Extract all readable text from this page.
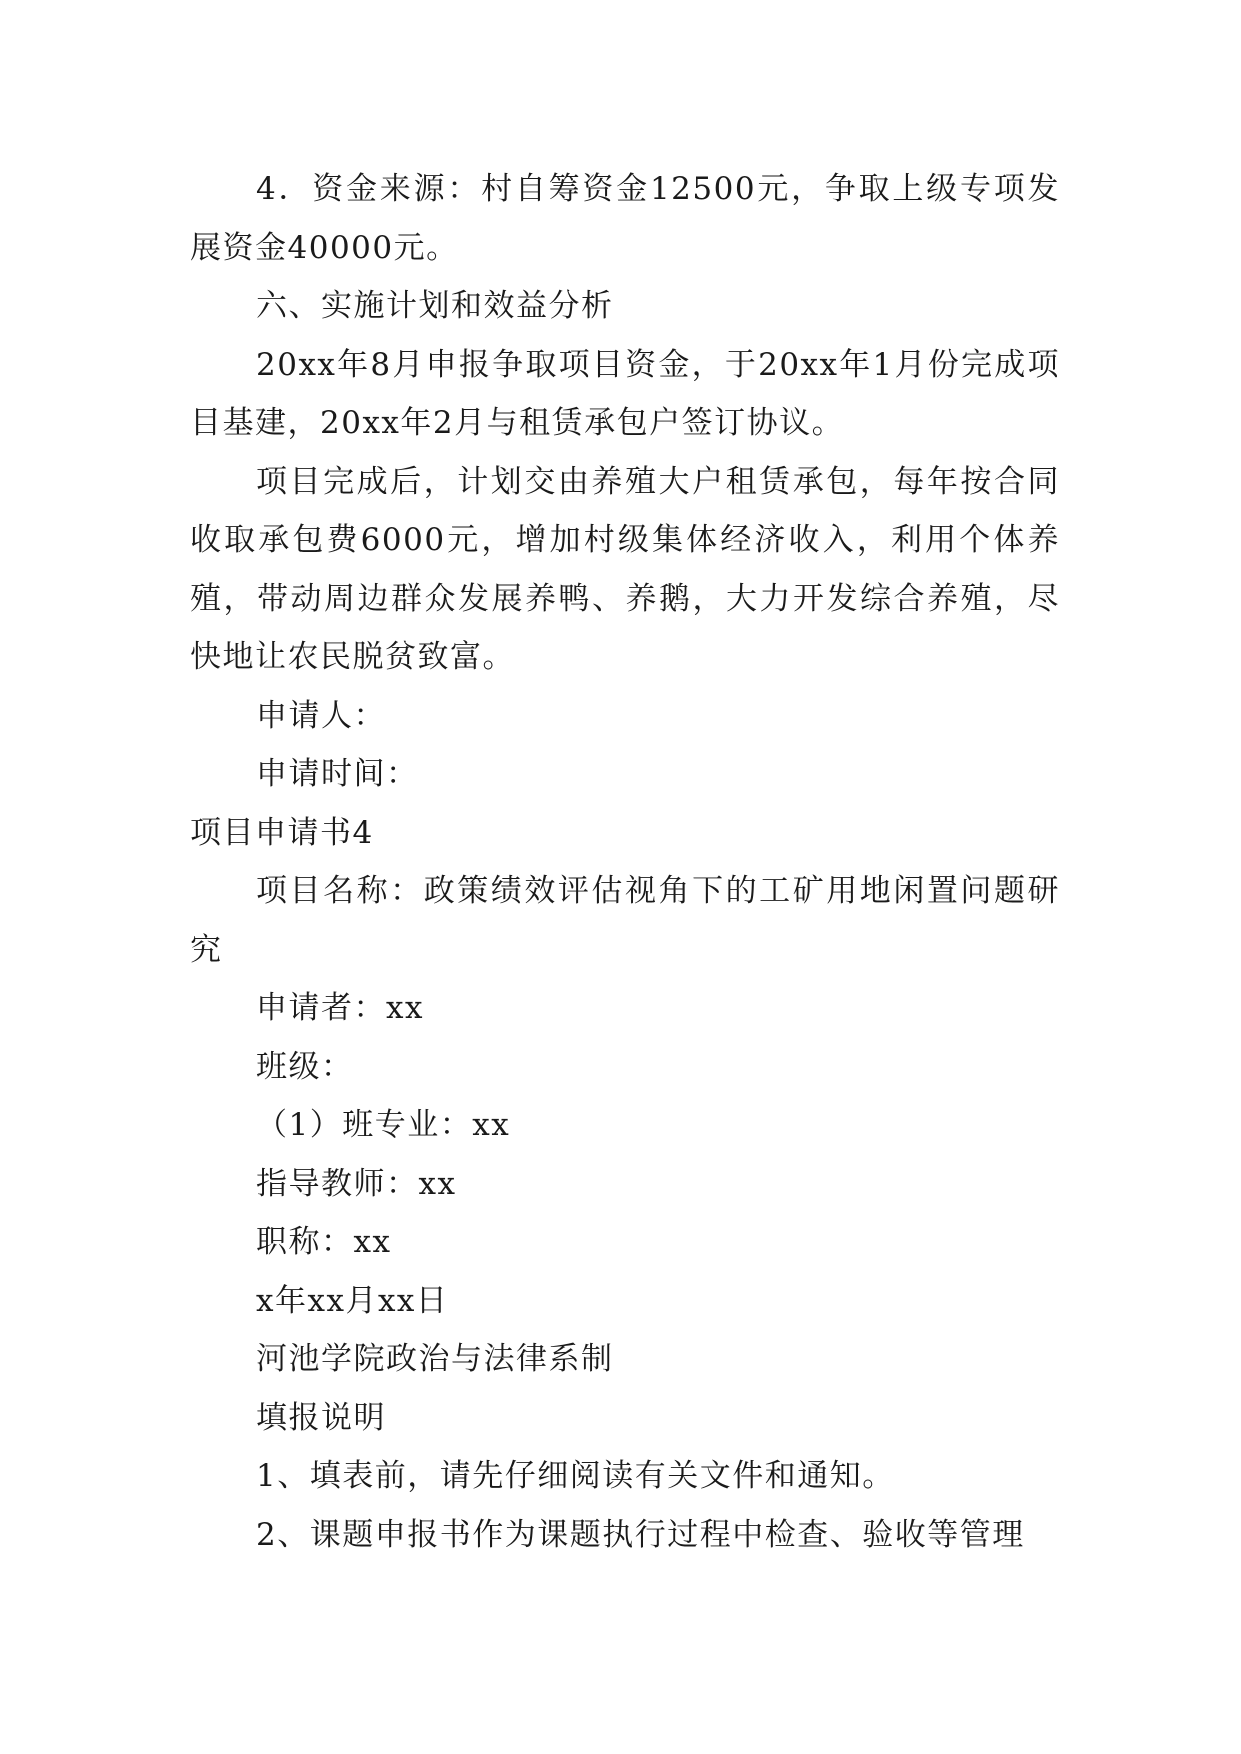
4．资金来源：村自筹资金12500元，争取上级专项发展资金40000元。

六、实施计划和效益分析

20xx年8月申报争取项目资金，于20xx年1月份完成项目基建，20xx年2月与租赁承包户签订协议。

项目完成后，计划交由养殖大户租赁承包，每年按合同收取承包费6000元，增加村级集体经济收入，利用个体养殖，带动周边群众发展养鸭、养鹅，大力开发综合养殖，尽快地让农民脱贫致富。

申请人：

申请时间：

项目申请书4

项目名称：政策绩效评估视角下的工矿用地闲置问题研究

申请者：xx

班级：

（1）班专业：xx

指导教师：xx

职称：xx

x年xx月xx日

河池学院政治与法律系制

填报说明

1、填表前，请先仔细阅读有关文件和通知。

2、课题申报书作为课题执行过程中检查、验收等管理
